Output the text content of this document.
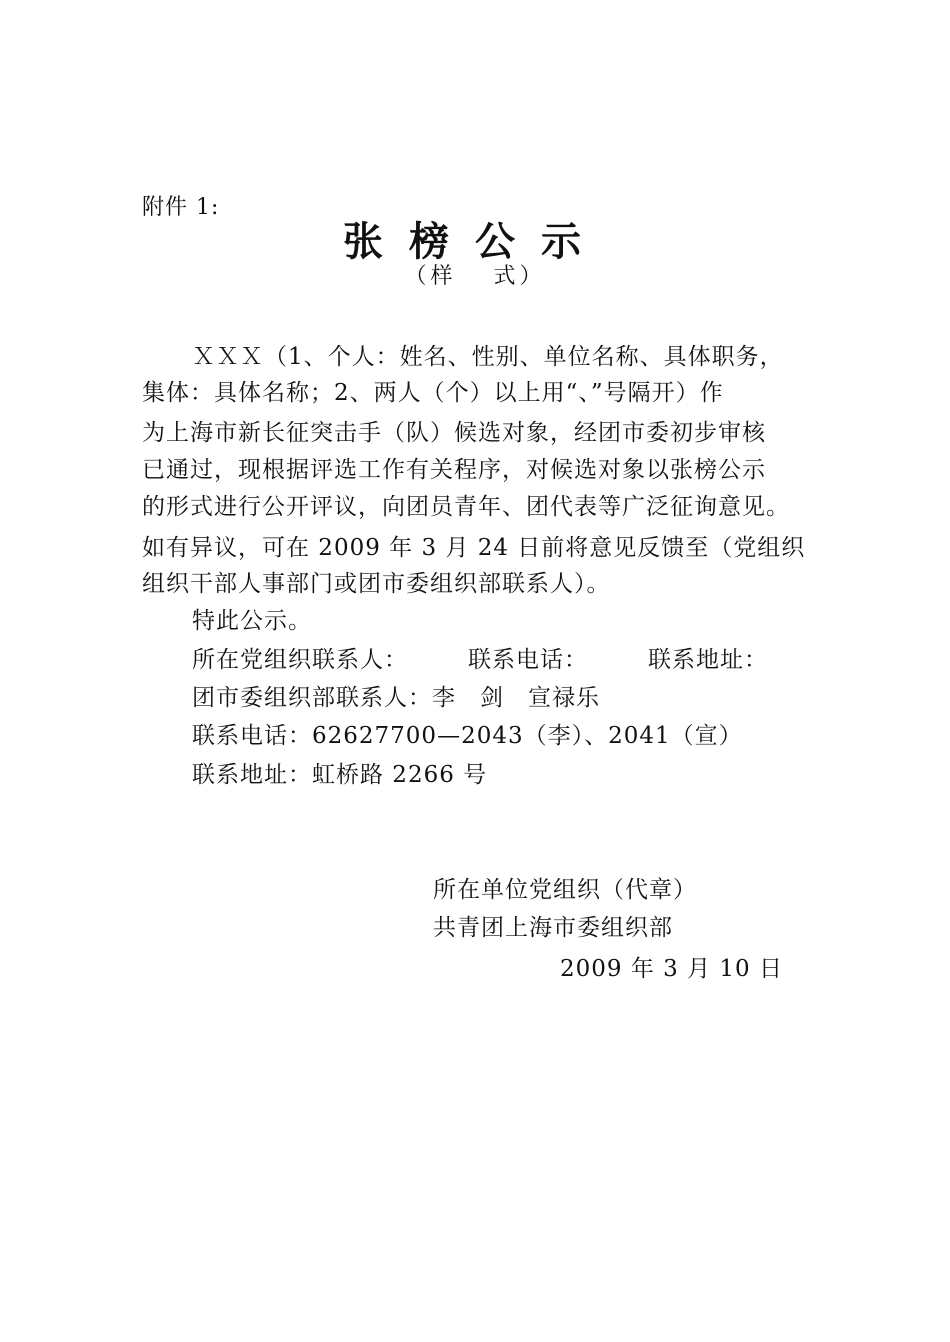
附件 1:
张榜公示
（样　 式）
ＸＸＸ（1、个人：姓名、性别、单位名称、具体职务，
集体：具体名称；2、两人（个）以上用“、”号隔开）作
为上海市新长征突击手（队）候选对象，经团市委初步审核
已通过，现根据评选工作有关程序，对候选对象以张榜公示
的形式进行公开评议，向团员青年、团代表等广泛征询意见。
如有异议，可在 2009 年 3 月 24 日前将意见反馈至（党组织
组织干部人事部门或团市委组织部联系人）。
特此公示。
所在党组织联系人：	联系电话：	联系地址：
团市委组织部联系人：李　剑　宣禄乐
联系电话：62627700—2043（李）、2041（宣）
联系地址：虹桥路 2266 号
所在单位党组织（代章）
共青团上海市委组织部
2009 年 3 月 10 日
